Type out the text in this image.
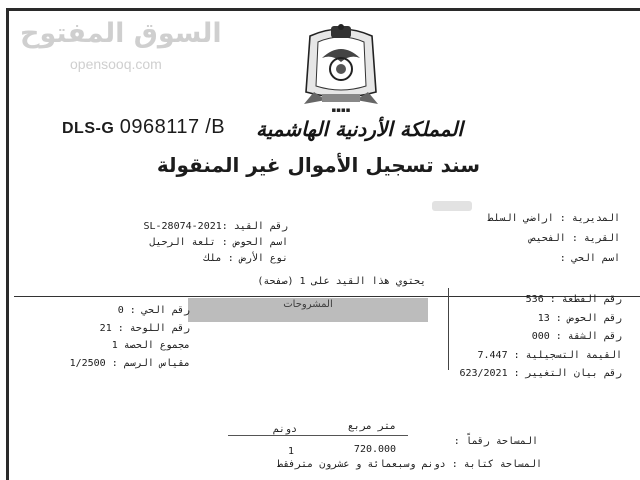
السوق المفتوح
opensooq.com
▪▪▪▪
DLS-G 0968117 /B المملكة الأردنية الهاشمية
سند تسجيل الأموال غير المنقولة
المديرية : اراضي السلط
القرية : الفحيص
اسم الحي :
رقم القيد :2021-SL-28074
اسم الحوض : تلعة الرحيل
نوع الأرض : ملك
يحتوي هذا القيد على 1 (صفحة)
المشروحات	رقم القطعة : 536
رقم الحوض : 13
رقم الشقة : 000
القيمة التسجيلية : 7.447
رقم بيان التغيير : 623/2021
رقم الحي : 0
رقم اللوحة : 21
مجموع الحصة 1
مقياس الرسم : 1/2500
متر مربع
دونم
المساحة رقماً :
720.000
1
المساحة كتابة : دونم وسبعمائة و عشرون مترفقط
